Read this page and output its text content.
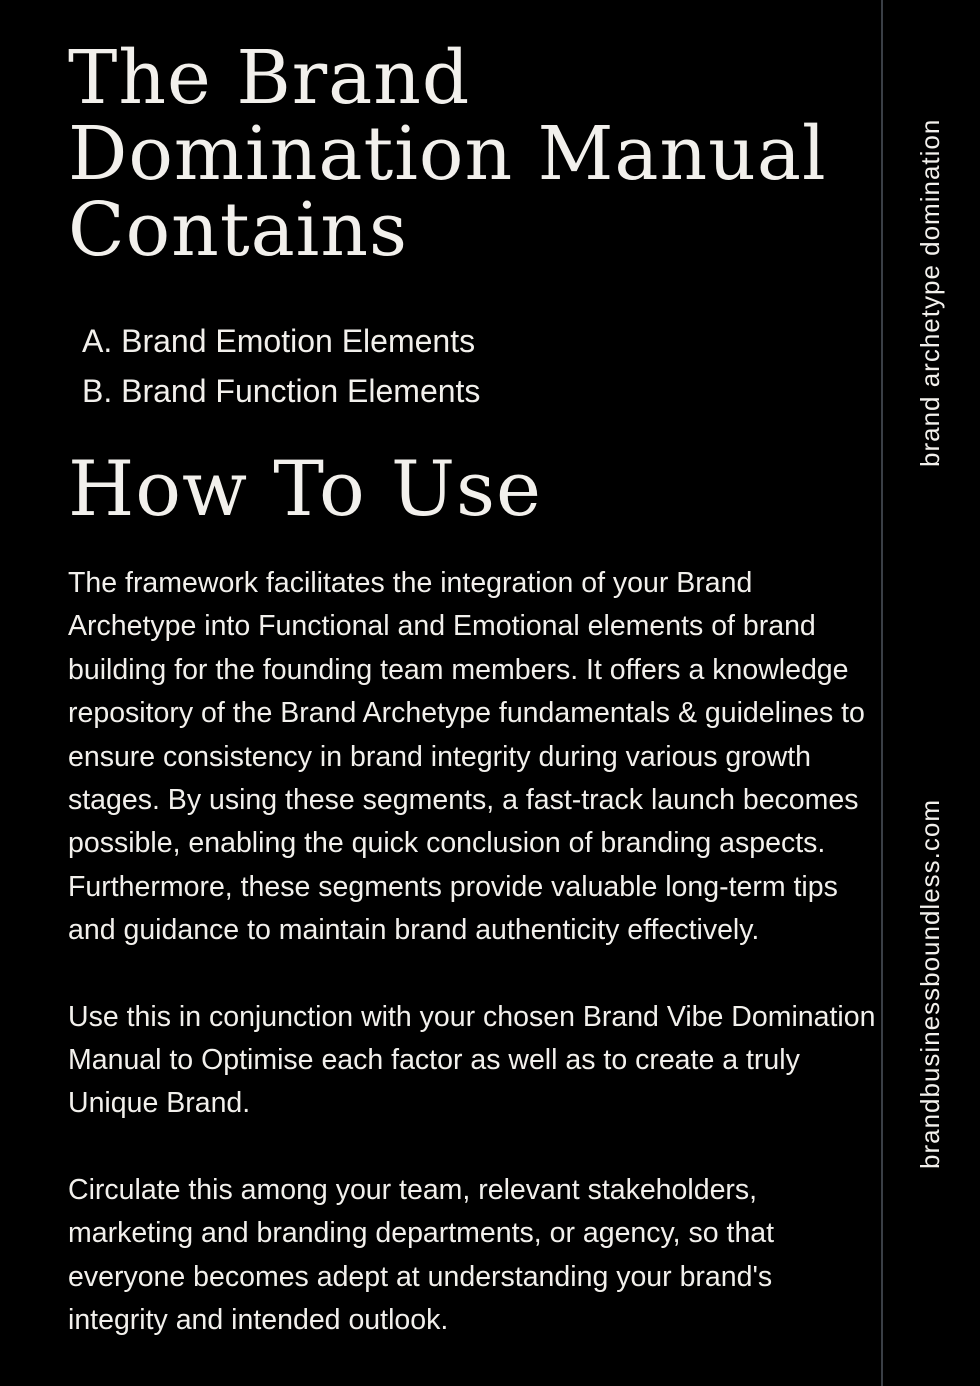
The Brand
Domination Manual
Contains
A. Brand Emotion Elements
B. Brand Function Elements
How To Use

The framework facilitates the integration of your Brand Archetype into Functional and Emotional elements of brand building for the founding team members. It offers a knowledge repository of the Brand Archetype fundamentals & guidelines to ensure consistency in brand integrity during various growth stages. By using these segments, a fast-track launch becomes possible, enabling the quick conclusion of branding aspects. Furthermore, these segments provide valuable long-term tips and guidance to maintain brand authenticity effectively.

Use this in conjunction with your chosen Brand Vibe Domination Manual to Optimise each factor as well as to create a truly Unique Brand.

Circulate this among your team, relevant stakeholders, marketing and branding departments, or agency, so that everyone becomes adept at understanding your brand's integrity and intended outlook.

brand archetype domination
brandbusinessboundless.com
